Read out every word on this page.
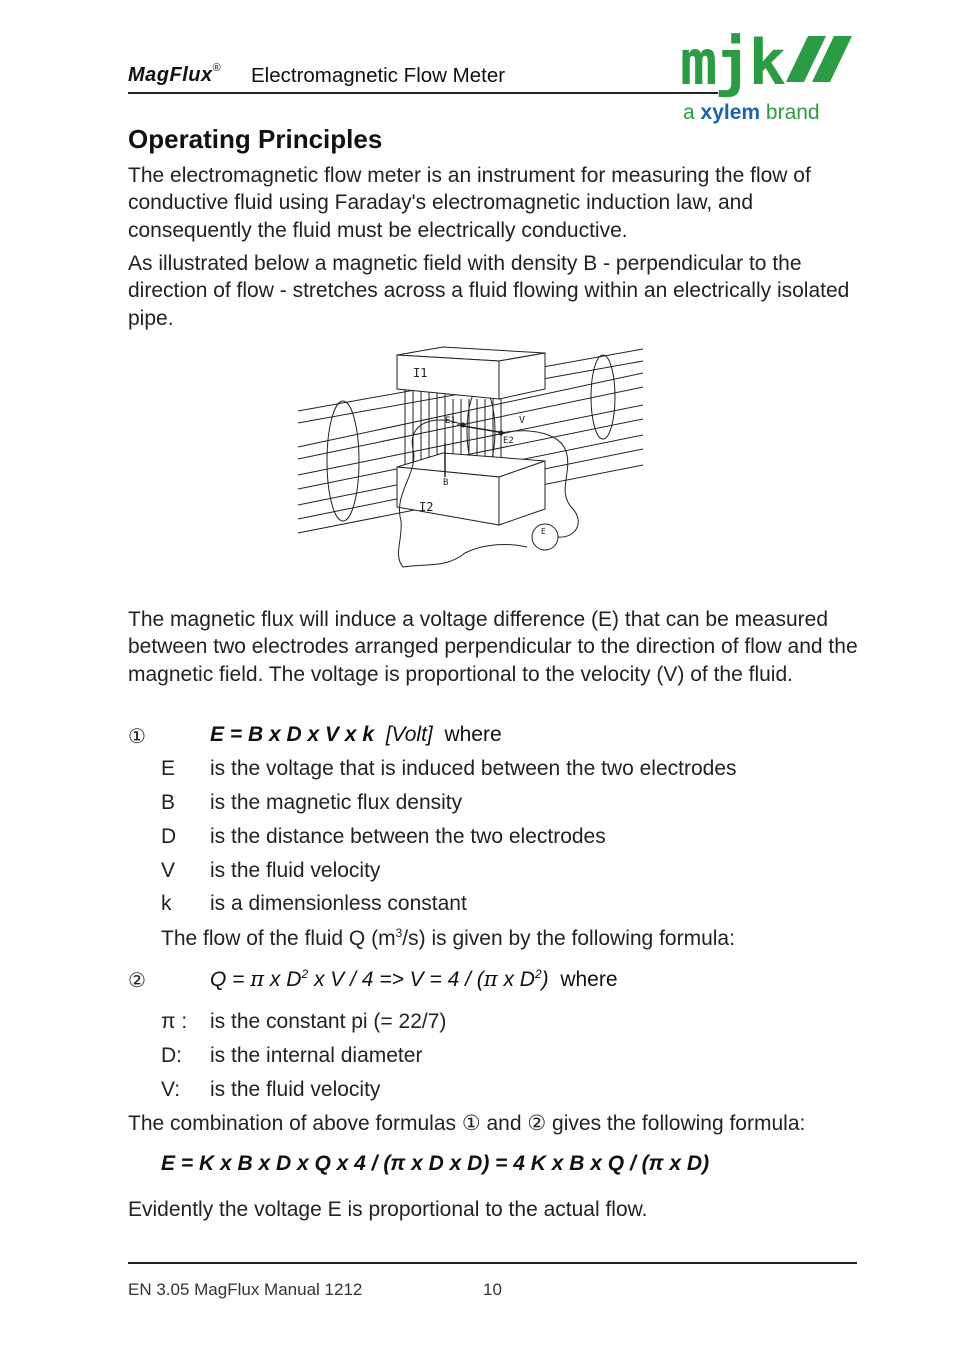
MagFlux® Electromagnetic Flow Meter	mjk
a xylem brand
Operating Principles

The electromagnetic flow meter is an instrument for measuring the flow of conductive fluid using Faraday's electromagnetic induction law, and consequently the fluid must be electrically conductive.

As illustrated below a magnetic field with density B - perpendicular to the direction of flow - stretches across a fluid flowing within an electrically isolated pipe.

I1
I2
E1
E2
V
B
E

The magnetic flux will induce a voltage difference (E) that can be measured between two electrodes arranged perpendicular to the direction of flow and the magnetic field. The voltage is proportional to the velocity (V) of the fluid.

①	E = B x D x V x k [Volt] where
E is the voltage that is induced between the two electrodes
B is the magnetic flux density
D is the distance between the two electrodes
V is the fluid velocity
k is a dimensionless constant
The flow of the fluid Q $(m^3/s)$ is given by the following formula:
②	Q = π x $D^2$ x V / 4 => V = 4 / (π x $D^2$) where
π : is the constant pi (= 22/7)
D: is the internal diameter
V: is the fluid velocity
The combination of above formulas ① and ② gives the following formula:
E = K x B x D x Q x 4 / (π x D x D) = 4 K x B x Q / (π x D)
Evidently the voltage E is proportional to the actual flow.
EN 3.05 MagFlux Manual 1212	10
